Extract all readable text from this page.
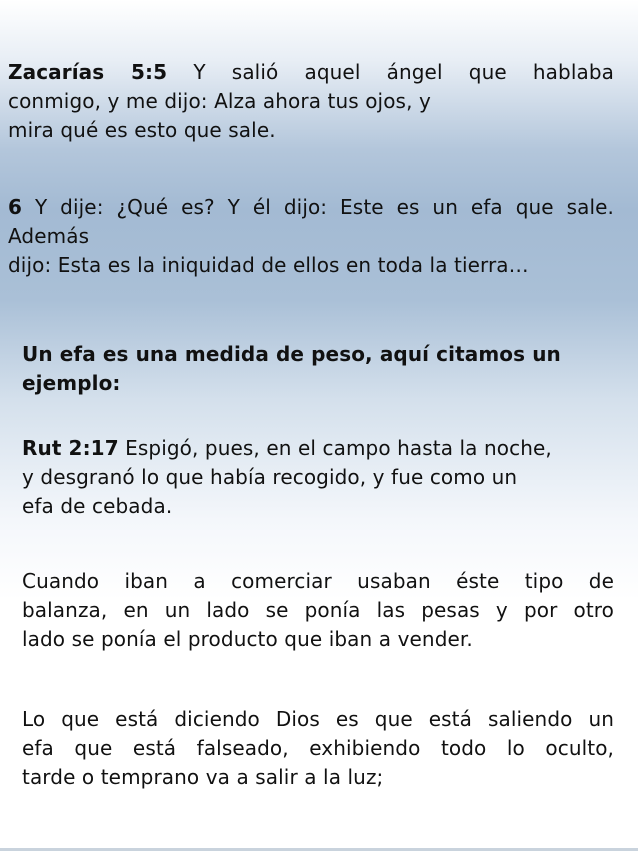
Zacarías 5:5 Y salió aquel ángel que hablaba
conmigo, y me dijo: Alza ahora tus ojos, y
mira qué es esto que sale.
6 Y dije: ¿Qué es? Y él dijo: Este es un efa que sale.
Además
dijo: Esta es la iniquidad de ellos en toda la tierra…
Un efa es una medida de peso, aquí citamos un
ejemplo:
Rut 2:17 Espigó, pues, en el campo hasta la noche,
y desgranó lo que había recogido, y fue como un
efa de cebada.
Cuando iban a comerciar usaban éste tipo de
balanza, en un lado se ponía las pesas y por otro
lado se ponía el producto que iban a vender.
Lo que está diciendo Dios es que está saliendo un
efa que está falseado, exhibiendo todo lo oculto,
tarde o temprano va a salir a la luz;
